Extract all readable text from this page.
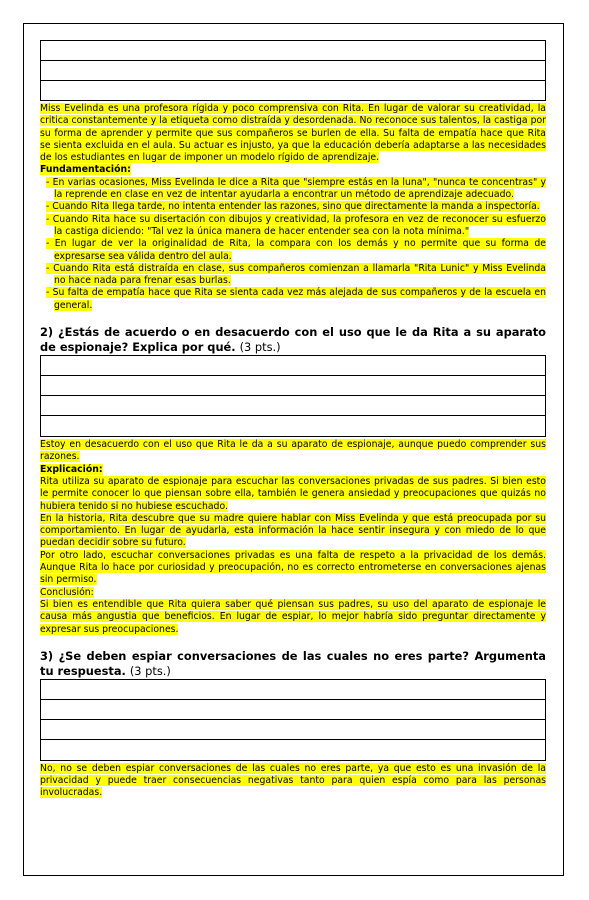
Miss Evelinda es una profesora rígida y poco comprensiva con Rita. En lugar de valorar su creatividad, la critica constantemente y la etiqueta como distraída y desordenada. No reconoce sus talentos, la castiga por su forma de aprender y permite que sus compañeros se burlen de ella. Su falta de empatía hace que Rita se sienta excluida en el aula. Su actuar es injusto, ya que la educación debería adaptarse a las necesidades de los estudiantes en lugar de imponer un modelo rígido de aprendizaje.

Fundamentación:

- En varias ocasiones, Miss Evelinda le dice a Rita que "siempre estás en la luna", "nunca te concentras" y la reprende en clase en vez de intentar ayudarla a encontrar un método de aprendizaje adecuado.
- Cuando Rita llega tarde, no intenta entender las razones, sino que directamente la manda a inspectoría.
- Cuando Rita hace su disertación con dibujos y creatividad, la profesora en vez de reconocer su esfuerzo la castiga diciendo: "Tal vez la única manera de hacer entender sea con la nota mínima."
- En lugar de ver la originalidad de Rita, la compara con los demás y no permite que su forma de expresarse sea válida dentro del aula.
- Cuando Rita está distraída en clase, sus compañeros comienzan a llamarla "Rita Lunic" y Miss Evelinda no hace nada para frenar esas burlas.
- Su falta de empatía hace que Rita se sienta cada vez más alejada de sus compañeros y de la escuela en general.

2) ¿Estás de acuerdo o en desacuerdo con el uso que le da Rita a su aparato de espionaje? Explica por qué. (3 pts.)

Estoy en desacuerdo con el uso que Rita le da a su aparato de espionaje, aunque puedo comprender sus razones.

Explicación:

Rita utiliza su aparato de espionaje para escuchar las conversaciones privadas de sus padres. Si bien esto le permite conocer lo que piensan sobre ella, también le genera ansiedad y preocupaciones que quizás no hubiera tenido si no hubiese escuchado.

En la historia, Rita descubre que su madre quiere hablar con Miss Evelinda y que está preocupada por su comportamiento. En lugar de ayudarla, esta información la hace sentir insegura y con miedo de lo que puedan decidir sobre su futuro.

Por otro lado, escuchar conversaciones privadas es una falta de respeto a la privacidad de los demás. Aunque Rita lo hace por curiosidad y preocupación, no es correcto entrometerse en conversaciones ajenas sin permiso.

Conclusión:

Si bien es entendible que Rita quiera saber qué piensan sus padres, su uso del aparato de espionaje le causa más angustia que beneficios. En lugar de espiar, lo mejor habría sido preguntar directamente y expresar sus preocupaciones.

3) ¿Se deben espiar conversaciones de las cuales no eres parte? Argumenta tu respuesta. (3 pts.)

No, no se deben espiar conversaciones de las cuales no eres parte, ya que esto es una invasión de la privacidad y puede traer consecuencias negativas tanto para quien espía como para las personas involucradas.
